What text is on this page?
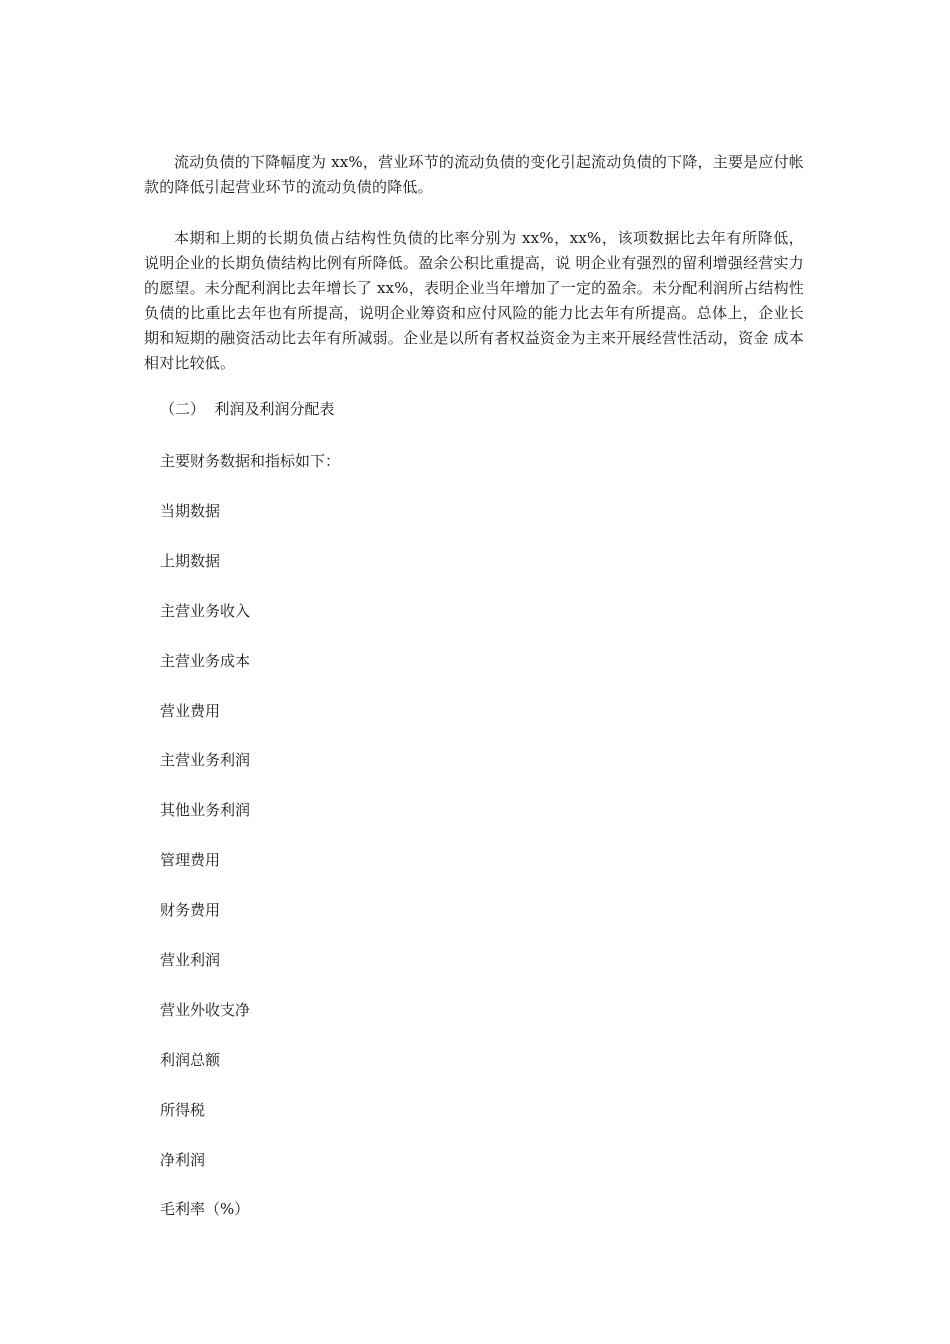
流动负债的下降幅度为 xx%，营业环节的流动负债的变化引起流动负债的下降，主要是应付帐款的降低引起营业环节的流动负债的降低。

本期和上期的长期负债占结构性负债的比率分别为 xx%，xx%，该项数据比去年有所降低，说明企业的长期负债结构比例有所降低。盈余公积比重提高，说 明企业有强烈的留利增强经营实力的愿望。未分配利润比去年增长了 xx%，表明企业当年增加了一定的盈余。未分配利润所占结构性负债的比重比去年也有所提高，说明企业筹资和应付风险的能力比去年有所提高。总体上，企业长期和短期的融资活动比去年有所减弱。企业是以所有者权益资金为主来开展经营性活动，资金 成本相对比较低。

（二）  利润及利润分配表

主要财务数据和指标如下：

当期数据
上期数据
主营业务收入
主营业务成本
营业费用
主营业务利润
其他业务利润
管理费用
财务费用
营业利润
营业外收支净
利润总额
所得税
净利润
毛利率（%）
